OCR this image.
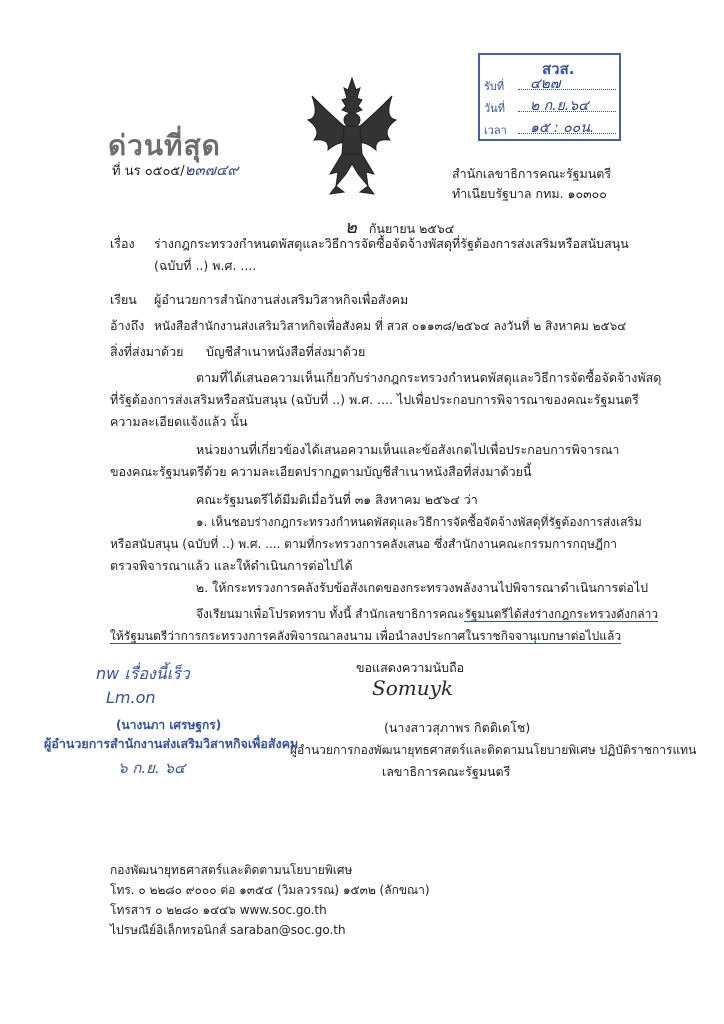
ด่วนที่สุด
ที่ นร ๐๕๐๕/๒๓๗๔๙
สวส.
รับที่ ๔๒๗
วันที่ ๒ ก.ย.๖๔
เวลา ๑๕ : ๐๐น.
สำนักเลขาธิการคณะรัฐมนตรี
ทำเนียบรัฐบาล กทม. ๑๐๓๐๐
๒ กันยายน ๒๕๖๔
เรื่อง ร่างกฎกระทรวงกำหนดพัสดุและวิธีการจัดซื้อจัดจ้างพัสดุที่รัฐต้องการส่งเสริมหรือสนับสนุน
(ฉบับที่ ..) พ.ศ. ....
เรียน ผู้อำนวยการสำนักงานส่งเสริมวิสาหกิจเพื่อสังคม
อ้างถึง หนังสือสำนักงานส่งเสริมวิสาหกิจเพื่อสังคม ที่ สวส ๐๑๑๓๘/๒๕๖๔ ลงวันที่ ๒ สิงหาคม ๒๕๖๔
สิ่งที่ส่งมาด้วย บัญชีสำเนาหนังสือที่ส่งมาด้วย
ตามที่ได้เสนอความเห็นเกี่ยวกับร่างกฎกระทรวงกำหนดพัสดุและวิธีการจัดซื้อจัดจ้างพัสดุ
ที่รัฐต้องการส่งเสริมหรือสนับสนุน (ฉบับที่ ..) พ.ศ. .... ไปเพื่อประกอบการพิจารณาของคณะรัฐมนตรี
ความละเอียดแจ้งแล้ว นั้น
หน่วยงานที่เกี่ยวข้องได้เสนอความเห็นและข้อสังเกตไปเพื่อประกอบการพิจารณา
ของคณะรัฐมนตรีด้วย ความละเอียดปรากฏตามบัญชีสำเนาหนังสือที่ส่งมาด้วยนี้
คณะรัฐมนตรีได้มีมติเมื่อวันที่ ๓๑ สิงหาคม ๒๕๖๔ ว่า
๑. เห็นชอบร่างกฎกระทรวงกำหนดพัสดุและวิธีการจัดซื้อจัดจ้างพัสดุที่รัฐต้องการส่งเสริม
หรือสนับสนุน (ฉบับที่ ..) พ.ศ. .... ตามที่กระทรวงการคลังเสนอ ซึ่งสำนักงานคณะกรรมการกฤษฎีกา
ตรวจพิจารณาแล้ว และให้ดำเนินการต่อไปได้
๒. ให้กระทรวงการคลังรับข้อสังเกตของกระทรวงพลังงานไปพิจารณาดำเนินการต่อไป
จึงเรียนมาเพื่อโปรดทราบ ทั้งนี้ สำนักเลขาธิการคณะรัฐมนตรีได้ส่งร่างกฎกระทรวงดังกล่าว
ให้รัฐมนตรีว่าการกระทรวงการคลังพิจารณาลงนาม เพื่อนำลงประกาศในราชกิจจานุเบกษาต่อไปแล้ว
ขอแสดงความนับถือ
Somuyk
(นางสาวสุภาพร กิตติเดโช)
ผู้อำนวยการกองพัฒนายุทธศาสตร์และติดตามนโยบายพิเศษ ปฏิบัติราชการแทน
เลขาธิการคณะรัฐมนตรี
nw เรื่องนี้เร็ว
Lm.on
(นางนภา เศรษฐกร)
ผู้อำนวยการสำนักงานส่งเสริมวิสาหกิจเพื่อสังคม
๖ ก.ย. ๖๔
กองพัฒนายุทธศาสตร์และติดตามนโยบายพิเศษ
โทร. ๐ ๒๒๘๐ ๙๐๐๐ ต่อ ๑๓๕๔ (วิมลวรรณ) ๑๕๓๒ (ลักขณา)
โทรสาร ๐ ๒๒๘๐ ๑๔๔๖ www.soc.go.th
ไปรษณีย์อิเล็กทรอนิกส์ saraban@soc.go.th
